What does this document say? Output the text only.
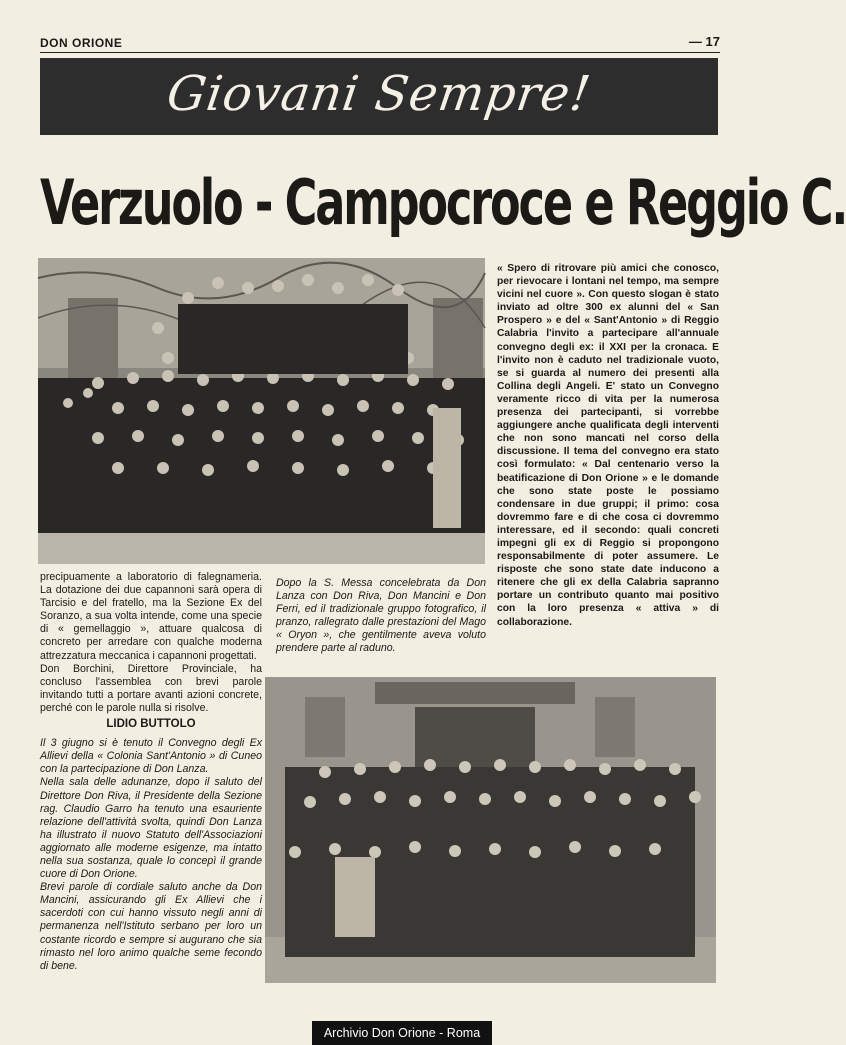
DON ORIONE	— 17
Giovani Sempre!
Verzuolo - Campocroce e Reggio C.

« Spero di ritrovare più amici che conosco, per rievocare i lontani nel tempo, ma sempre vicini nel cuore ». Con questo slogan è stato inviato ad oltre 300 ex alunni del « San Prospero » e del « Sant'Antonio » di Reggio Calabria l'invito a partecipare all'annuale convegno degli ex: il XXI per la cronaca. E l'invito non è caduto nel tradizionale vuoto, se si guarda al numero dei presenti alla Collina degli Angeli. E' stato un Convegno veramente ricco di vita per la numerosa presenza dei partecipanti, si vorrebbe aggiungere anche qualificata degli interventi che non sono mancati nel corso della discussione. Il tema del convegno era stato così formulato: « Dal centenario verso la beatificazione di Don Orione » e le domande che sono state poste le possiamo condensare in due gruppi; il primo: cosa dovremmo fare e di che cosa ci dovremmo interessare, ed il secondo: quali concreti impegni gli ex di Reggio si propongono responsabilmente di poter assumere. Le risposte che sono state date inducono a ritenere che gli ex della Calabria sapranno portare un contributo quanto mai positivo con la loro presenza « attiva » di collaborazione.

precipuamente a laboratorio di falegnameria. La dotazione dei due capannoni sarà opera di Tarcisio e del fratello, ma la Sezione Ex del Soranzo, a sua volta intende, come una specie di « gemellaggio », attuare qualcosa di concreto per arredare con qualche moderna attrezzatura meccanica i capannoni progettati.

Don Borchini, Direttore Provinciale, ha concluso l'assemblea con brevi parole invitando tutti a portare avanti azioni concrete, perché con le parole nulla si risolve.

LIDIO BUTTOLO

Il 3 giugno si è tenuto il Convegno degli Ex Allievi della « Colonia Sant'Antonio » di Cuneo con la partecipazione di Don Lanza.

Nella sala delle adunanze, dopo il saluto del Direttore Don Riva, il Presidente della Sezione rag. Claudio Garro ha tenuto una esauriente relazione dell'attività svolta, quindi Don Lanza ha illustrato il nuovo Statuto dell'Associazioni aggiornato alle moderne esigenze, ma intatto nella sua sostanza, quale lo concepì il grande cuore di Don Orione.

Brevi parole di cordiale saluto anche da Don Mancini, assicurando gli Ex Allievi che i sacerdoti con cui hanno vissuto negli anni di permanenza nell'Istituto serbano per loro un costante ricordo e sempre si augurano che sia rimasto nel loro animo qualche seme fecondo di bene.

Dopo la S. Messa concelebrata da Don Lanza con Don Riva, Don Mancini e Don Ferri, ed il tradizionale gruppo fotografico, il pranzo, rallegrato dalle prestazioni del Mago « Oryon », che gentilmente aveva voluto prendere parte al raduno.

Archivio Don Orione - Roma
